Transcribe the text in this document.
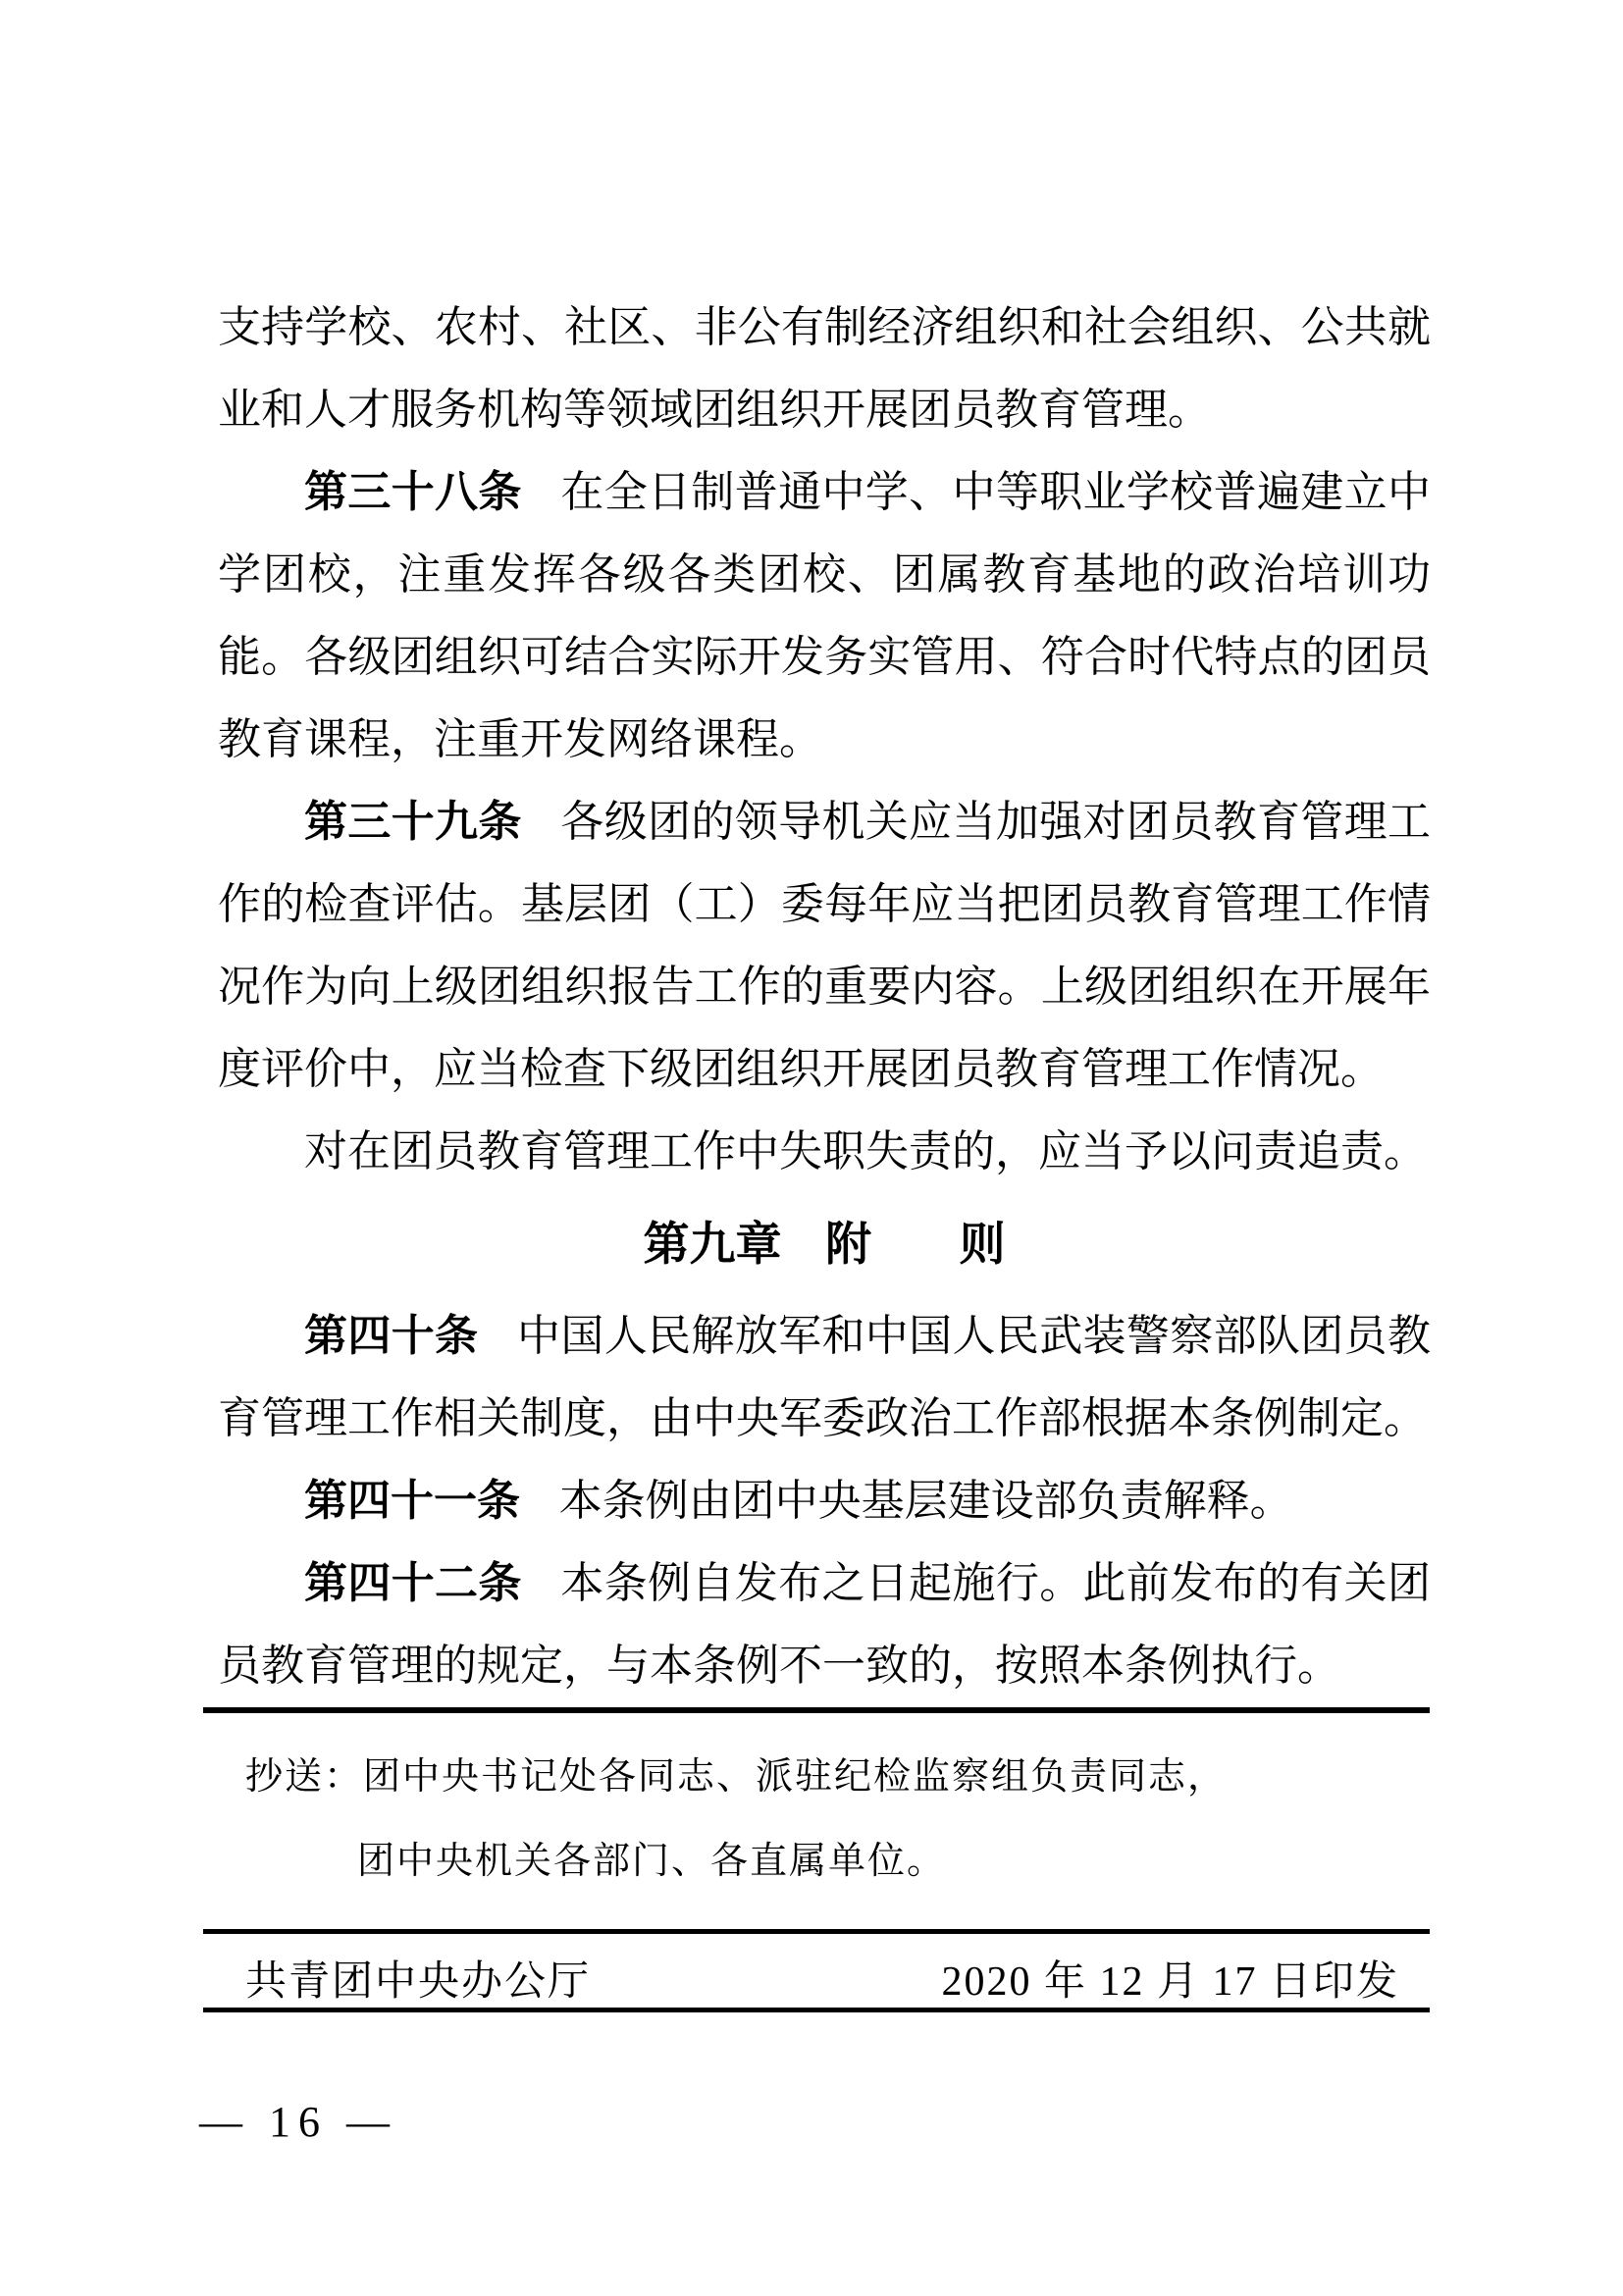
支持学校、农村、社区、非公有制经济组织和社会组织、公共就业和人才服务机构等领域团组织开展团员教育管理。

第三十八条 在全日制普通中学、中等职业学校普遍建立中学团校，注重发挥各级各类团校、团属教育基地的政治培训功能。各级团组织可结合实际开发务实管用、符合时代特点的团员教育课程，注重开发网络课程。

第三十九条 各级团的领导机关应当加强对团员教育管理工作的检查评估。基层团（工）委每年应当把团员教育管理工作情况作为向上级团组织报告工作的重要内容。上级团组织在开展年度评价中，应当检查下级团组织开展团员教育管理工作情况。

对在团员教育管理工作中失职失责的，应当予以问责追责。

第九章 附 则

第四十条 中国人民解放军和中国人民武装警察部队团员教育管理工作相关制度，由中央军委政治工作部根据本条例制定。

第四十一条 本条例由团中央基层建设部负责解释。

第四十二条 本条例自发布之日起施行。此前发布的有关团员教育管理的规定，与本条例不一致的，按照本条例执行。

抄送：团中央书记处各同志、派驻纪检监察组负责同志，
团中央机关各部门、各直属单位。
共青团中央办公厅	2020 年 12 月 17 日印发
— 16 —
